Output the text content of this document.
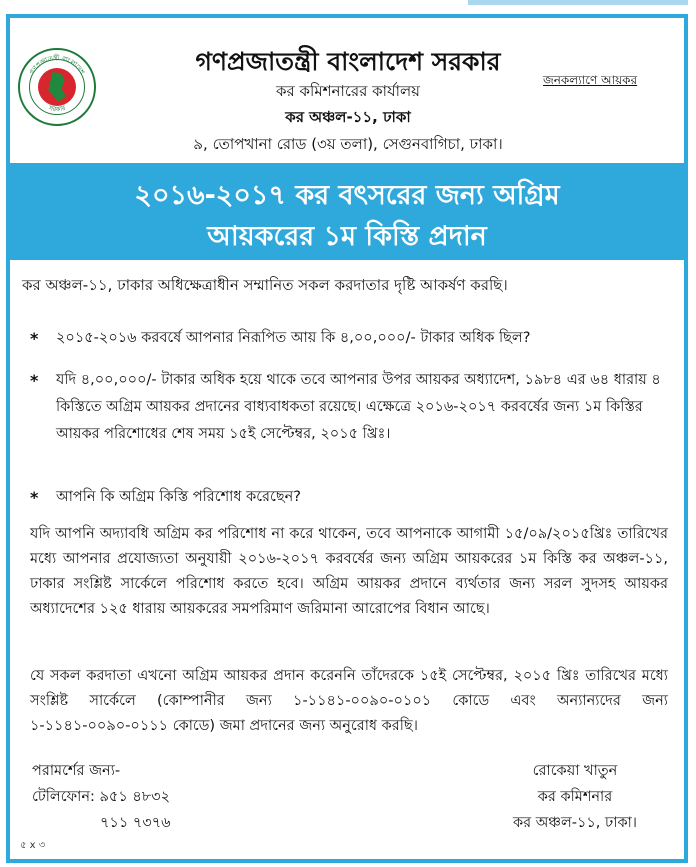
গণপ্রজাতন্ত্রী বাংলাদেশ
সরকার
গণপ্রজাতন্ত্রী বাংলাদেশ সরকার
কর কমিশনারের কার্যালয়
কর অঞ্চল-১১, ঢাকা
৯, তোপখানা রোড (৩য় তলা), সেগুনবাগিচা, ঢাকা।
জনকল্যাণে আয়কর
২০১৬-২০১৭ কর বৎসরের জন্য অগ্রিম
আয়করের ১ম কিস্তি প্রদান
কর অঞ্চল-১১, ঢাকার অধিক্ষেত্রাধীন সম্মানিত সকল করদাতার দৃষ্টি আকর্ষণ করছি।
* ২০১৫-২০১৬ করবর্ষে আপনার নিরূপিত আয় কি ৪,০০,০০০/- টাকার অধিক ছিল?
* যদি ৪,০০,০০০/- টাকার অধিক হয়ে থাকে তবে আপনার উপর আয়কর অধ্যাদেশ, ১৯৮৪ এর ৬৪ ধারায় ৪ কিস্তিতে অগ্রিম আয়কর প্রদানের বাধ্যবাধকতা রয়েছে। এক্ষেত্রে ২০১৬-২০১৭ করবর্ষের জন্য ১ম কিস্তির আয়কর পরিশোধের শেষ সময় ১৫ই সেপ্টেম্বর, ২০১৫ খ্রিঃ।
* আপনি কি অগ্রিম কিস্তি পরিশোধ করেছেন?
যদি আপনি অদ্যাবধি অগ্রিম কর পরিশোধ না করে থাকেন, তবে আপনাকে আগামী ১৫/০৯/২০১৫খ্রিঃ তারিখের মধ্যে আপনার প্রযোজ্যতা অনুযায়ী ২০১৬-২০১৭ করবর্ষের জন্য অগ্রিম আয়করের ১ম কিস্তি কর অঞ্চল-১১, ঢাকার সংশ্লিষ্ট সার্কেলে পরিশোধ করতে হবে। অগ্রিম আয়কর প্রদানে ব্যর্থতার জন্য সরল সুদসহ আয়কর অধ্যাদেশের ১২৫ ধারায় আয়করের সমপরিমাণ জরিমানা আরোপের বিধান আছে।
যে সকল করদাতা এখনো অগ্রিম আয়কর প্রদান করেননি তাঁদেরকে ১৫ই সেপ্টেম্বর, ২০১৫ খ্রিঃ তারিখের মধ্যে সংশ্লিষ্ট সার্কেলে (কোম্পানীর জন্য ১-১১৪১-০০৯০-০১০১ কোডে এবং অন্যান্যদের জন্য ১-১১৪১-০০৯০-০১১১ কোডে) জমা প্রদানের জন্য অনুরোধ করছি।
পরামর্শের জন্য-
টেলিফোন: ৯৫১ ৪৮৩২
৭১১ ৭৩৭৬
রোকেয়া খাতুন
কর কমিশনার
কর অঞ্চল-১১, ঢাকা।
৫ x ৩
